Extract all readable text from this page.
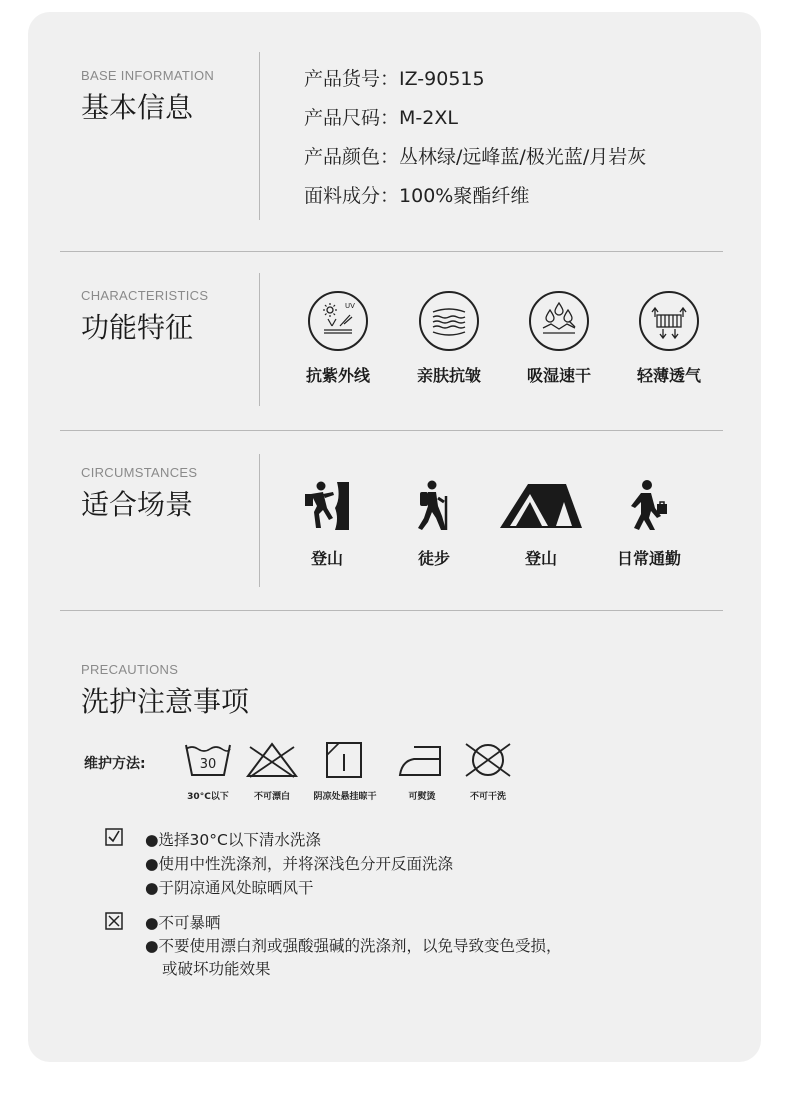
BASE INFORMATION
基本信息
产品货号：IZ-90515
产品尺码：M-2XL
产品颜色：丛林绿/远峰蓝/极光蓝/月岩灰
面料成分：100%聚酯纤维
CHARACTERISTICS
功能特征
UV
抗紫外线	亲肤抗皱	吸湿速干	轻薄透气
CIRCUMSTANCES
适合场景
登山	徒步	登山	日常通勤
PRECAUTIONS
洗护注意事项
维护方法:	30
30°C以下	不可漂白	阴凉处悬挂晾干	可熨烫	不可干洗
●选择30°C以下清水洗涤
●使用中性洗涤剂，并将深浅色分开反面洗涤
●于阴凉通风处晾晒风干
●不可暴晒
●不要使用漂白剂或强酸强碱的洗涤剂，以免导致变色受损，
或破坏功能效果
